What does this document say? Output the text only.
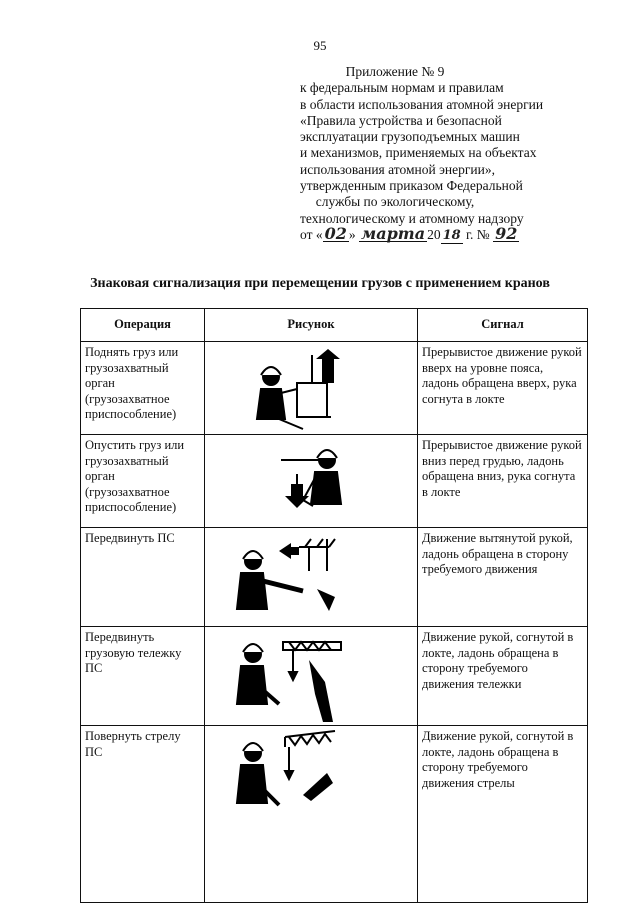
95
Приложение № 9
к федеральным нормам и правилам
в области использования атомной энергии
«Правила устройства и безопасной
эксплуатации грузоподъемных машин
и механизмов, применяемых на объектах
использования атомной энергии»,
утвержденным приказом Федеральной
службы по экологическому,
технологическому и атомному надзору
от « 02 » марта 20 18 г. № 92
Знаковая сигнализация при перемещении грузов с применением кранов
Операция	Рисунок	Сигнал
Поднять груз или грузозахватный орган (грузозахватное приспособление)		Прерывистое движение рукой вверх на уровне пояса, ладонь обращена вверх, рука согнута в локте
Опустить груз или грузозахватный орган (грузозахватное приспособление)		Прерывистое движение рукой вниз перед грудью, ладонь обращена вниз, рука согнута в локте
Передвинуть ПС		Движение вытянутой рукой, ладонь обращена в сторону требуемого движения
Передвинуть грузовую тележку ПС		Движение рукой, согнутой в локте, ладонь обращена в сторону требуемого движения тележки
Повернуть стрелу ПС		Движение рукой, согнутой в локте, ладонь обращена в сторону требуемого движения стрелы
